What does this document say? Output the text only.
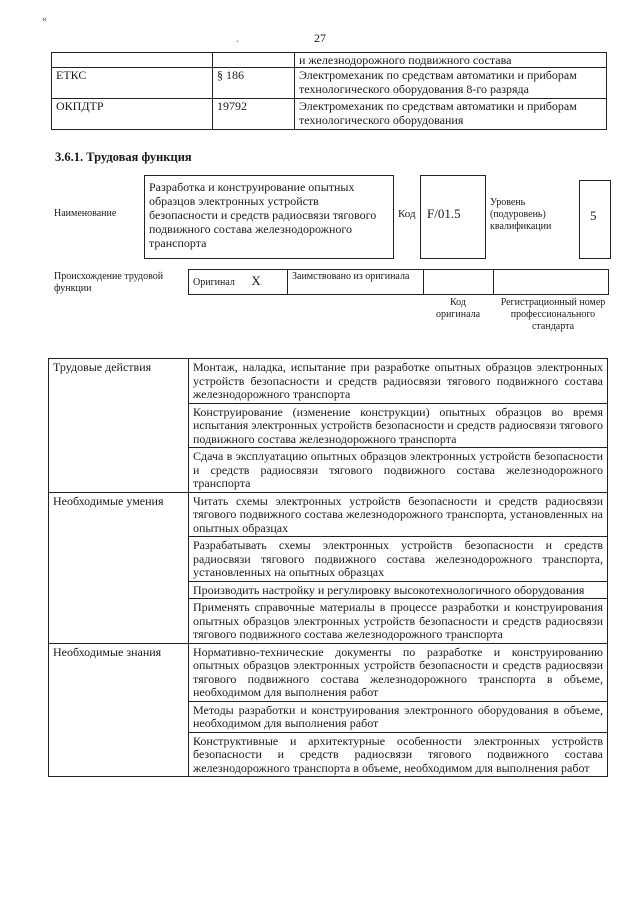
«
.	27
		и железнодорожного подвижного состава
ЕТКС	§ 186	Электромеханик по средствам автоматики и приборам технологического оборудования 8-го разряда
ОКПДТР	19792	Электромеханик по средствам автоматики и приборам технологического оборудования
3.6.1. Трудовая функция
Наименование
Разработка и конструирование опытных образцов электронных устройств безопасности и средств радиосвязи тягового подвижного состава железнодорожного транспорта
Код F/01.5
Уровень (подуровень) квалификации
5
Происхождение трудовой функции
Оригинал X	Заимствовано из оригинала		
Код оригинала
Регистрационный номер профессионального стандарта
Трудовые действия	Монтаж, наладка, испытание при разработке опытных образцов электронных устройств безопасности и средств радиосвязи тягового подвижного состава железнодорожного транспорта
	Конструирование (изменение конструкции) опытных образцов во время испытания электронных устройств безопасности и средств радиосвязи тягового подвижного состава железнодорожного транспорта
	Сдача в эксплуатацию опытных образцов электронных устройств безопасности и средств радиосвязи тягового подвижного состава железнодорожного транспорта
Необходимые умения	Читать схемы электронных устройств безопасности и средств радиосвязи тягового подвижного состава железнодорожного транспорта, установленных на опытных образцах
	Разрабатывать схемы электронных устройств безопасности и средств радиосвязи тягового подвижного состава железнодорожного транспорта, установленных на опытных образцах
	Производить настройку и регулировку высокотехнологичного оборудования
	Применять справочные материалы в процессе разработки и конструирования опытных образцов электронных устройств безопасности и средств радиосвязи тягового подвижного состава железнодорожного транспорта
Необходимые знания	Нормативно-технические документы по разработке и конструированию опытных образцов электронных устройств безопасности и средств радиосвязи тягового подвижного состава железнодорожного транспорта в объеме, необходимом для выполнения работ
	Методы разработки и конструирования электронного оборудования в объеме, необходимом для выполнения работ
	Конструктивные и архитектурные особенности электронных устройств безопасности и средств радиосвязи тягового подвижного состава железнодорожного транспорта в объеме, необходимом для выполнения работ
